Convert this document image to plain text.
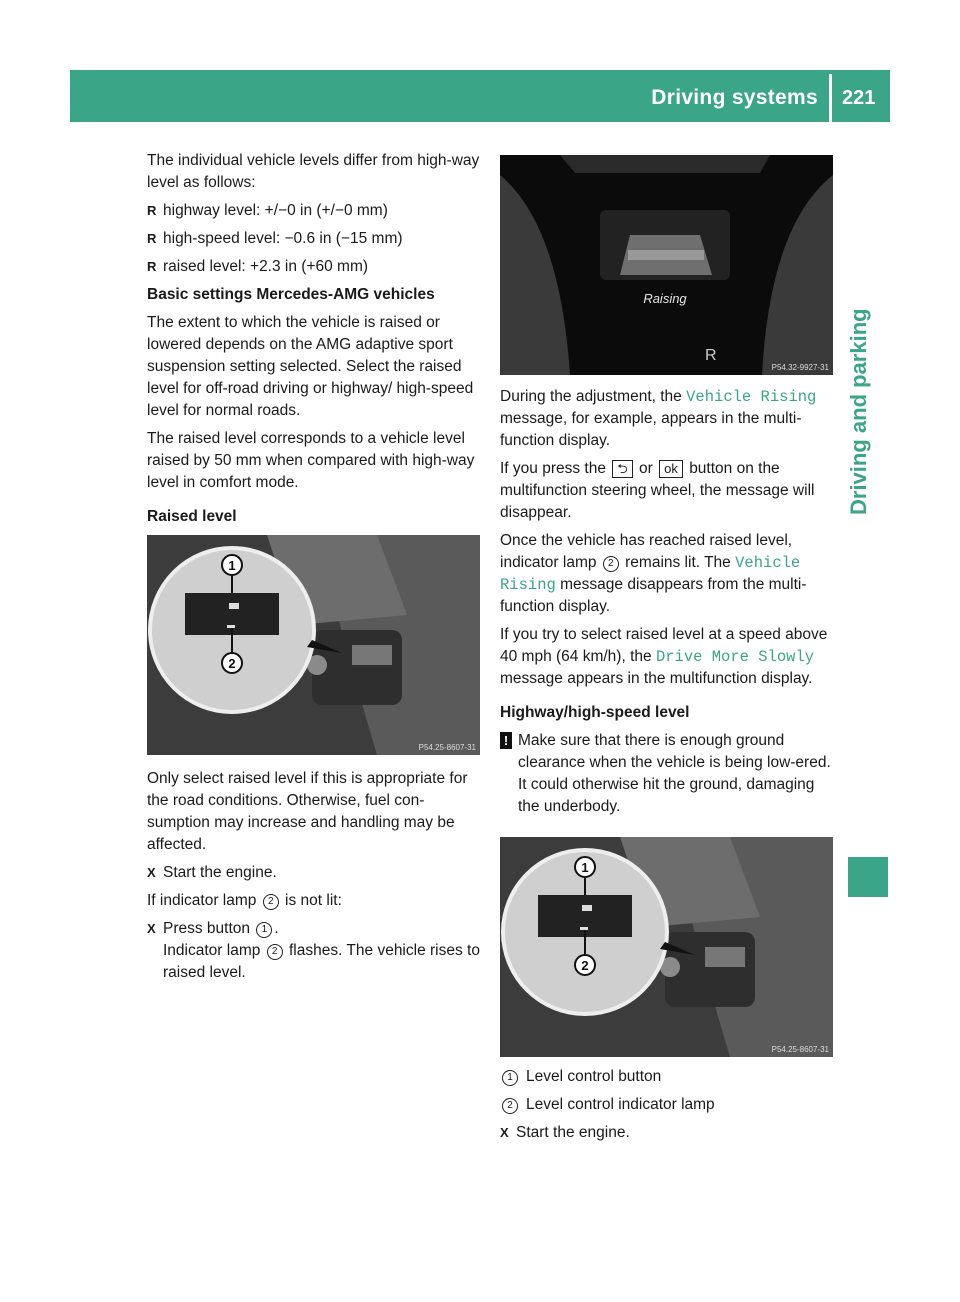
Driving systems 221
Driving and parking

The individual vehicle levels differ from high-way level as follows:

R highway level: +/−0 in (+/−0 mm)
R high-speed level: −0.6 in (−15 mm)
R raised level: +2.3 in (+60 mm)

Basic settings Mercedes-AMG vehicles

The extent to which the vehicle is raised or lowered depends on the AMG adaptive sport suspension setting selected. Select the raised level for off-road driving or highway/ high-speed level for normal roads.

The raised level corresponds to a vehicle level raised by 50 mm when compared with high-way level in comfort mode.

Raised level

Only select raised level if this is appropriate for the road conditions. Otherwise, fuel con-sumption may increase and handling may be affected.

X Start the engine.

If indicator lamp 2 is not lit:

X Press button 1 .
Indicator lamp 2 flashes. The vehicle rises to raised level.
1
2
P54.25-8607-31
Raising
R
P54.32-9927-31

During the adjustment, the Vehicle Rising message, for example, appears in the multi-function display.

If you press the ⮌ or ok button on the multifunction steering wheel, the message will disappear.

Once the vehicle has reached raised level, indicator lamp 2 remains lit. The Vehicle Rising message disappears from the multi-function display.

If you try to select raised level at a speed above 40 mph (64 km/h), the Drive More Slowly message appears in the multifunction display.

Highway/high-speed level

! Make sure that there is enough ground clearance when the vehicle is being low-ered. It could otherwise hit the ground, damaging the underbody.
1
2
P54.25-8607-31
1 Level control button
2 Level control indicator lamp
X Start the engine.
